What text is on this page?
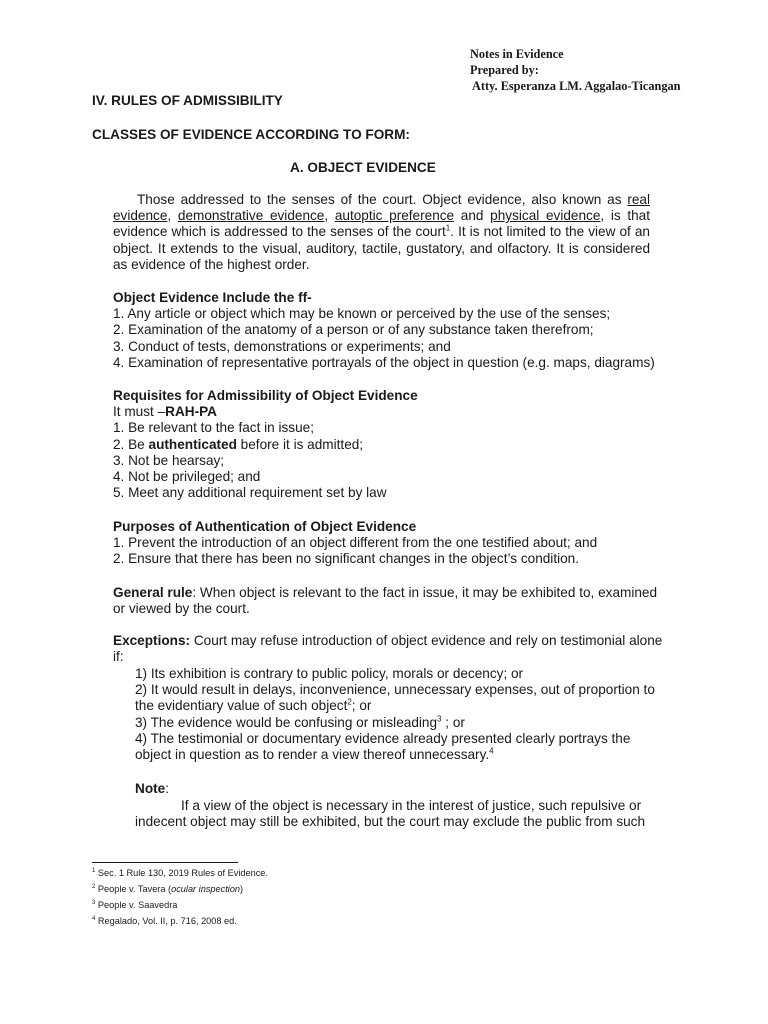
Notes in Evidence
Prepared by:
Atty. Esperanza LM. Aggalao-Ticangan
IV. RULES OF ADMISSIBILITY
CLASSES OF EVIDENCE ACCORDING TO FORM:
A. OBJECT EVIDENCE
Those addressed to the senses of the court. Object evidence, also known as real evidence, demonstrative evidence, autoptic preference and physical evidence, is that evidence which is addressed to the senses of the court$^1$. It is not limited to the view of an object. It extends to the visual, auditory, tactile, gustatory, and olfactory. It is considered as evidence of the highest order.
Object Evidence Include the ff-
1. Any article or object which may be known or perceived by the use of the senses;
2. Examination of the anatomy of a person or of any substance taken therefrom;
3. Conduct of tests, demonstrations or experiments; and
4. Examination of representative portrayals of the object in question (e.g. maps, diagrams)
Requisites for Admissibility of Object Evidence
It must –RAH-PA
1. Be relevant to the fact in issue;
2. Be authenticated before it is admitted;
3. Not be hearsay;
4. Not be privileged; and
5. Meet any additional requirement set by law
Purposes of Authentication of Object Evidence
1. Prevent the introduction of an object different from the one testified about; and
2. Ensure that there has been no significant changes in the object’s condition.
General rule: When object is relevant to the fact in issue, it may be exhibited to, examined or viewed by the court.
Exceptions: Court may refuse introduction of object evidence and rely on testimonial alone if:
1) Its exhibition is contrary to public policy, morals or decency; or
2) It would result in delays, inconvenience, unnecessary expenses, out of proportion to the evidentiary value of such object$^2$; or
3) The evidence would be confusing or misleading$^3$ ; or
4) The testimonial or documentary evidence already presented clearly portrays the object in question as to render a view thereof unnecessary.$^4$
Note:
If a view of the object is necessary in the interest of justice, such repulsive or indecent object may still be exhibited, but the court may exclude the public from such
$^1$ Sec. 1 Rule 130, 2019 Rules of Evidence.
$^2$ People v. Tavera (ocular inspection)
$^3$ People v. Saavedra
$^4$ Regalado, Vol. II, p. 716, 2008 ed.
